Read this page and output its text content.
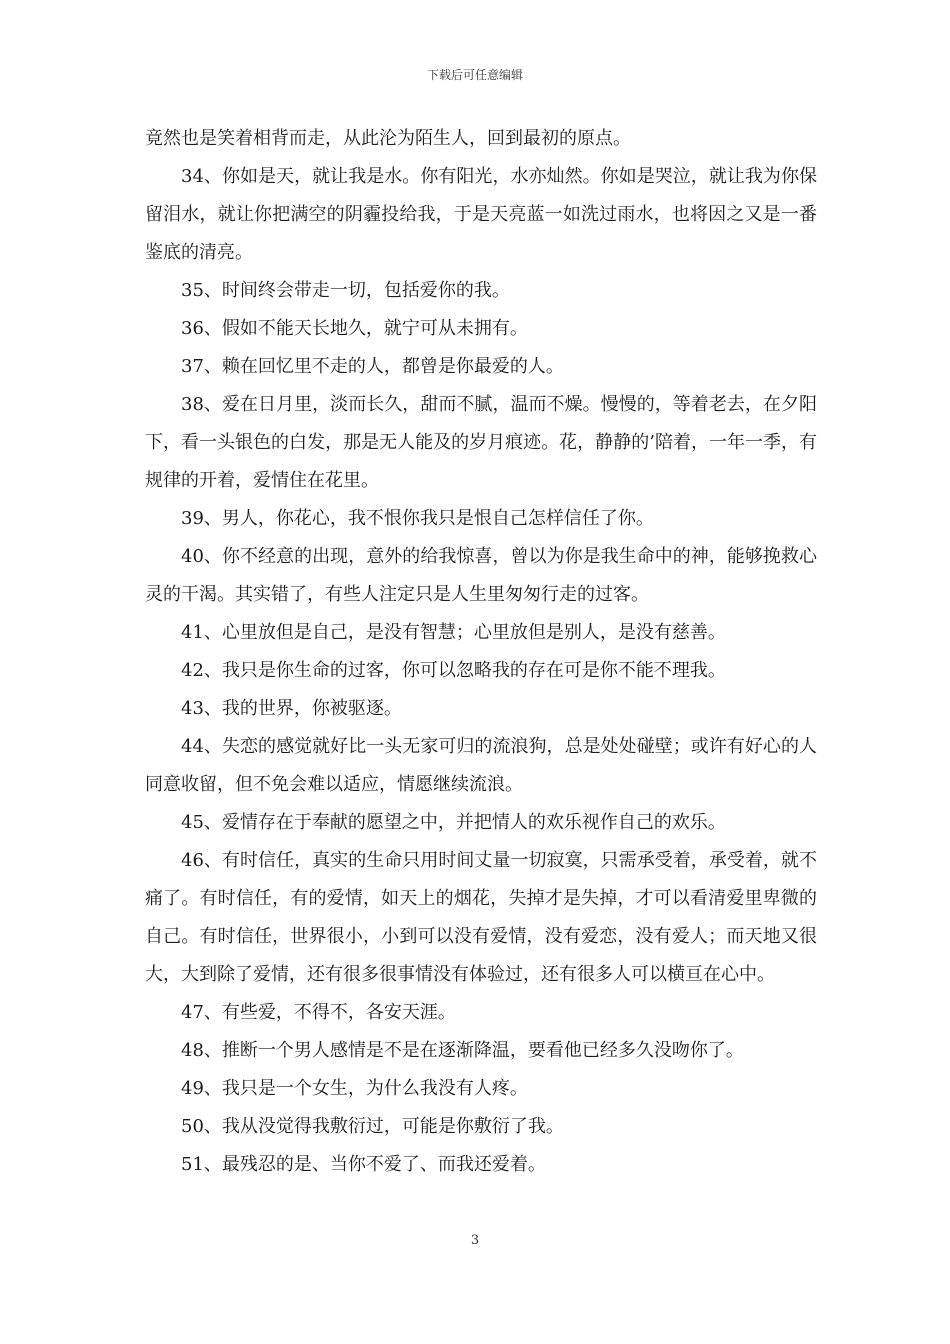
下载后可任意编辑

竟然也是笑着相背而走，从此沦为陌生人，回到最初的原点。

34、你如是天，就让我是水。你有阳光，水亦灿然。你如是哭泣，就让我为你保留泪水，就让你把满空的阴霾投给我，于是天亮蓝一如洗过雨水，也将因之又是一番鉴底的清亮。

35、时间终会带走一切，包括爱你的我。

36、假如不能天长地久，就宁可从未拥有。

37、赖在回忆里不走的人，都曾是你最爱的人。

38、爱在日月里，淡而长久，甜而不腻，温而不燥。慢慢的，等着老去，在夕阳下，看一头银色的白发，那是无人能及的岁月痕迹。花，静静的’陪着，一年一季，有规律的开着，爱情住在花里。

39、男人，你花心，我不恨你我只是恨自己怎样信任了你。

40、你不经意的出现，意外的给我惊喜，曾以为你是我生命中的神，能够挽救心灵的干渴。其实错了，有些人注定只是人生里匆匆行走的过客。

41、心里放但是自己，是没有智慧；心里放但是别人，是没有慈善。

42、我只是你生命的过客，你可以忽略我的存在可是你不能不理我。

43、我的世界，你被驱逐。

44、失恋的感觉就好比一头无家可归的流浪狗，总是处处碰壁；或许有好心的人同意收留，但不免会难以适应，情愿继续流浪。

45、爱情存在于奉献的愿望之中，并把情人的欢乐视作自己的欢乐。

46、有时信任，真实的生命只用时间丈量一切寂寞，只需承受着，承受着，就不痛了。有时信任，有的爱情，如天上的烟花，失掉才是失掉，才可以看清爱里卑微的自己。有时信任，世界很小，小到可以没有爱情，没有爱恋，没有爱人；而天地又很大，大到除了爱情，还有很多很事情没有体验过，还有很多人可以横亘在心中。

47、有些爱，不得不，各安天涯。

48、推断一个男人感情是不是在逐渐降温，要看他已经多久没吻你了。

49、我只是一个女生，为什么我没有人疼。

50、我从没觉得我敷衍过，可能是你敷衍了我。

51、最残忍的是、当你不爱了、而我还爱着。

3
